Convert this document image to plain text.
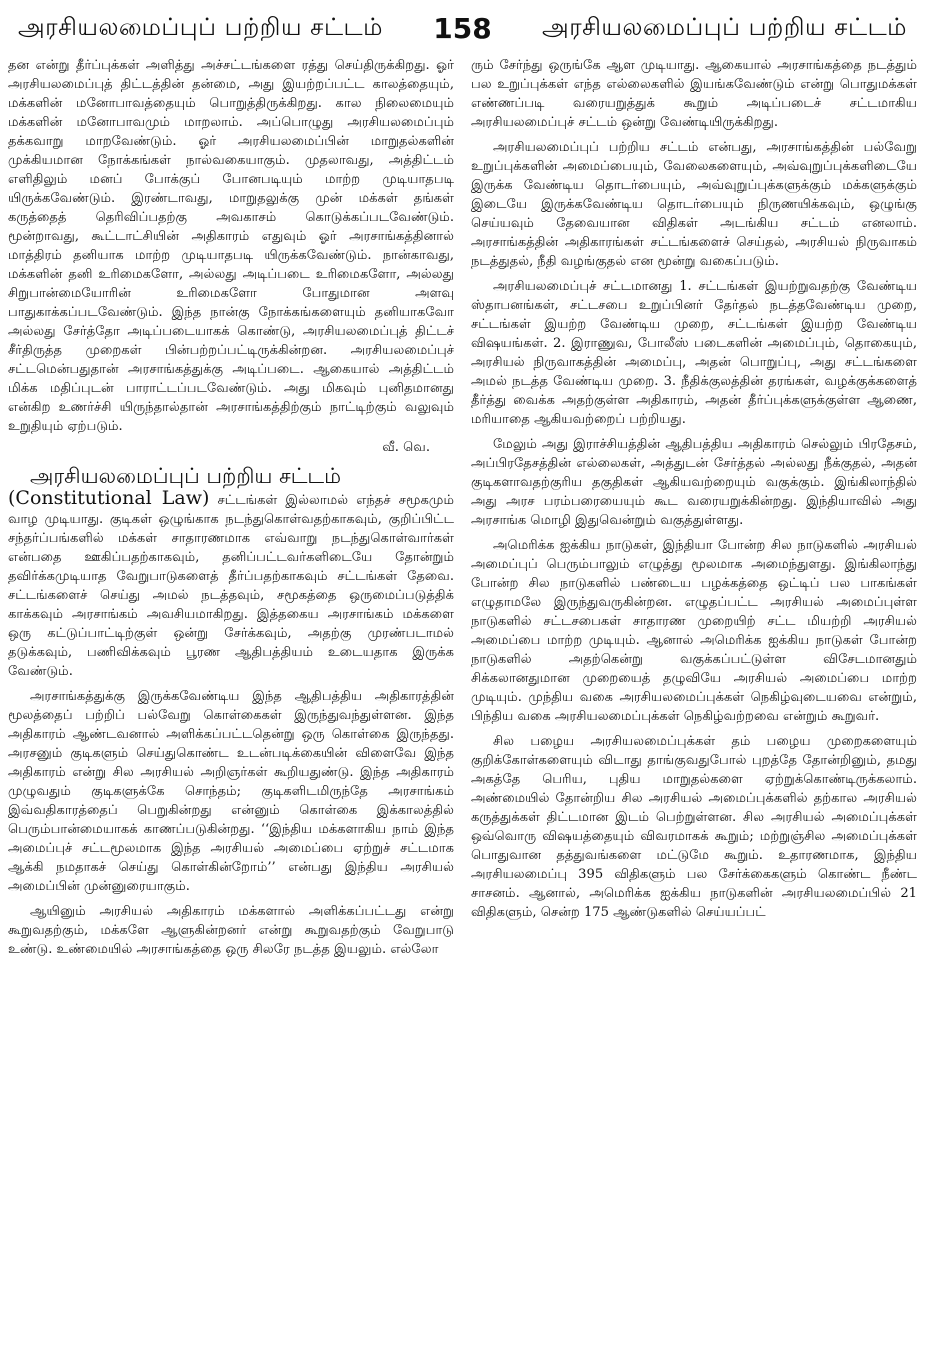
அரசியலமைப்புப் பற்றிய சட்டம் 158 அரசியலமைப்புப் பற்றிய சட்டம்

தன என்று தீர்ப்புக்கள் அளித்து அச்சட்டங்களை ரத்து செய்திருக்கிறது. ஓர் அரசியலமைப்புத் திட்டத்தின் தன்மை, அது இயற்றப்பட்ட காலத்தையும், மக்களின் மனோபாவத்தையும் பொறுத்திருக்கிறது. கால நிலைமையும் மக்களின் மனோபாவமும் மாறலாம். அப்பொழுது அரசியலமைப்பும் தக்கவாறு மாறவேண்டும். ஓர் அரசியலமைப்பின் மாறுதல்களின் முக்கியமான நோக்கங்கள் நால்வகையாகும். முதலாவது, அத்திட்டம் எளிதிலும் மனப் போக்குப் போனபடியும் மாற்ற முடியாதபடி யிருக்கவேண்டும். இரண்டாவது, மாறுதலுக்கு முன் மக்கள் தங்கள் கருத்தைத் தெரிவிப்பதற்கு அவகாசம் கொடுக்கப்படவேண்டும். மூன்றாவது, கூட்டாட்சியின் அதிகாரம் எதுவும் ஓர் அரசாங்கத்தினால் மாத்திரம் தனியாக மாற்ற முடியாதபடி யிருக்கவேண்டும். நான்காவது, மக்களின் தனி உரிமைகளோ, அல்லது அடிப்படை உரிமைகளோ, அல்லது சிறுபான்மையோரின் உரிமைகளோ போதுமான அளவு பாதுகாக்கப்படவேண்டும். இந்த நான்கு நோக்கங்களையும் தனியாகவோ அல்லது சேர்த்தோ அடிப்படையாகக் கொண்டு, அரசியலமைப்புத் திட்டச் சீர்திருத்த முறைகள் பின்பற்றப்பட்டிருக்கின்றன. அரசியலமைப்புச் சட்டமென்பதுதான் அரசாங்கத்துக்கு அடிப்படை. ஆகையால் அத்திட்டம் மிக்க மதிப்புடன் பாராட்டப்படவேண்டும். அது மிகவும் புனிதமானது என்கிற உணர்ச்சி யிருந்தால்தான் அரசாங்கத்திற்கும் நாட்டிற்கும் வலுவும் உறுதியும் ஏற்படும்.

வீ. வெ.
அரசியலமைப்புப் பற்றிய சட்டம்

(Constitutional Law) சட்டங்கள் இல்லாமல் எந்தச் சமூகமும் வாழ முடியாது. குடிகள் ஒழுங்காக நடந்துகொள்வதற்காகவும், குறிப்பிட்ட சந்தர்ப்பங்களில் மக்கள் சாதாரணமாக எவ்வாறு நடந்துகொள்வார்கள் என்பதை ஊகிப்பதற்காகவும், தனிப்பட்டவர்களிடையே தோன்றும் தவிர்க்கமுடியாத வேறுபாடுகளைத் தீர்ப்பதற்காகவும் சட்டங்கள் தேவை. சட்டங்களைச் செய்து அமல் நடத்தவும், சமூகத்தை ஒருமைப்படுத்திக் காக்கவும் அரசாங்கம் அவசியமாகிறது. இத்தகைய அரசாங்கம் மக்களை ஒரு கட்டுப்பாட்டிற்குள் ஒன்று சேர்க்கவும், அதற்கு முரண்படாமல் தடுக்கவும், பணிவிக்கவும் பூரண ஆதிபத்தியம் உடையதாக இருக்க வேண்டும்.

அரசாங்கத்துக்கு இருக்கவேண்டிய இந்த ஆதிபத்திய அதிகாரத்தின் மூலத்தைப் பற்றிப் பல்வேறு கொள்கைகள் இருந்துவந்துள்ளன. இந்த அதிகாரம் ஆண்டவனால் அளிக்கப்பட்டதென்று ஒரு கொள்கை இருந்தது. அரசனும் குடிகளும் செய்துகொண்ட உடன்படிக்கையின் விளைவே இந்த அதிகாரம் என்று சில அரசியல் அறிஞர்கள் கூறியதுண்டு. இந்த அதிகாரம் முழுவதும் குடிகளுக்கே சொந்தம்; குடிகளிடமிருந்தே அரசாங்கம் இவ்வதிகாரத்தைப் பெறுகின்றது என்னும் கொள்கை இக்காலத்தில் பெரும்பான்மையாகக் காணப்படுகின்றது. ‘‘இந்திய மக்களாகிய நாம் இந்த அமைப்புச் சட்டமூலமாக இந்த அரசியல் அமைப்பை ஏற்றுச் சட்டமாக ஆக்கி நமதாகச் செய்து கொள்கின்றோம்’’ என்பது இந்திய அரசியல் அமைப்பின் முன்னுரையாகும்.

ஆயினும் அரசியல் அதிகாரம் மக்களால் அளிக்கப்பட்டது என்று கூறுவதற்கும், மக்களே ஆளுகின்றனர் என்று கூறுவதற்கும் வேறுபாடு உண்டு. உண்மையில் அரசாங்கத்தை ஒரு சிலரே நடத்த இயலும். எல்லோ

ரும் சேர்ந்து ஒருங்கே ஆள முடியாது. ஆகையால் அரசாங்கத்தை நடத்தும் பல உறுப்புக்கள் எந்த எல்லைகளில் இயங்கவேண்டும் என்று பொதுமக்கள் எண்ணப்படி வரையறுத்துக் கூறும் அடிப்படைச் சட்டமாகிய அரசியலமைப்புச் சட்டம் ஒன்று வேண்டியிருக்கிறது.

அரசியலமைப்புப் பற்றிய சட்டம் என்பது, அரசாங்கத்தின் பல்வேறு உறுப்புக்களின் அமைப்பையும், வேலைகளையும், அவ்வுறுப்புக்களிடையே இருக்க வேண்டிய தொடர்பையும், அவ்வுறுப்புக்களுக்கும் மக்களுக்கும் இடையே இருக்கவேண்டிய தொடர்பையும் நிருணயிக்கவும், ஒழுங்கு செய்யவும் தேவையான விதிகள் அடங்கிய சட்டம் எனலாம். அரசாங்கத்தின் அதிகாரங்கள் சட்டங்களைச் செய்தல், அரசியல் நிருவாகம் நடத்துதல், நீதி வழங்குதல் என மூன்று வகைப்படும்.

அரசியலமைப்புச் சட்டமானது 1. சட்டங்கள் இயற்றுவதற்கு வேண்டிய ஸ்தாபனங்கள், சட்டசபை உறுப்பினர் தேர்தல் நடத்தவேண்டிய முறை, சட்டங்கள் இயற்ற வேண்டிய முறை, சட்டங்கள் இயற்ற வேண்டிய விஷயங்கள். 2. இராணுவ, போலீஸ் படைகளின் அமைப்பும், தொகையும், அரசியல் நிருவாகத்தின் அமைப்பு, அதன் பொறுப்பு, அது சட்டங்களை அமல் நடத்த வேண்டிய முறை. 3. நீதிக்குலத்தின் தரங்கள், வழக்குக்களைத் தீர்த்து வைக்க அதற்குள்ள அதிகாரம், அதன் தீர்ப்புக்களுக்குள்ள ஆணை, மரியாதை ஆகியவற்றைப் பற்றியது.

மேலும் அது இராச்சியத்தின் ஆதிபத்திய அதிகாரம் செல்லும் பிரதேசம், அப்பிரதேசத்தின் எல்லைகள், அத்துடன் சேர்த்தல் அல்லது நீக்குதல், அதன் குடிகளாவதற்குரிய தகுதிகள் ஆகியவற்றையும் வகுக்கும். இங்கிலாந்தில் அது அரச பரம்பரையையும் கூட வரையறுக்கின்றது. இந்தியாவில் அது அரசாங்க மொழி இதுவென்றும் வகுத்துள்ளது.

அமெரிக்க ஐக்கிய நாடுகள், இந்தியா போன்ற சில நாடுகளில் அரசியல் அமைப்புப் பெரும்பாலும் எழுத்து மூலமாக அமைந்துளது. இங்கிலாந்து போன்ற சில நாடுகளில் பண்டைய பழக்கத்தை ஒட்டிப் பல பாகங்கள் எழுதாமலே இருந்துவருகின்றன. எழுதப்பட்ட அரசியல் அமைப்புள்ள நாடுகளில் சட்டசபைகள் சாதாரண முறையிற் சட்ட மியற்றி அரசியல் அமைப்பை மாற்ற முடியும். ஆனால் அமெரிக்க ஐக்கிய நாடுகள் போன்ற நாடுகளில் அதற்கென்று வகுக்கப்பட்டுள்ள விசேடமானதும் சிக்கலானதுமான முறையைத் தழுவியே அரசியல் அமைப்பை மாற்ற முடியும். முந்திய வகை அரசியலமைப்புக்கள் நெகிழ்வுடையவை என்றும், பிந்திய வகை அரசியலமைப்புக்கள் நெகிழ்வற்றவை என்றும் கூறுவர்.

சில பழைய அரசியலமைப்புக்கள் தம் பழைய முறைகளையும் குறிக்கோள்களையும் விடாது தாங்குவதுபோல் புறத்தே தோன்றினும், தமது அகத்தே பெரிய, புதிய மாறுதல்களை ஏற்றுக்கொண்டிருக்கலாம். அண்மையில் தோன்றிய சில அரசியல் அமைப்புக்களில் தற்கால அரசியல் கருத்துக்கள் திட்டமான இடம் பெற்றுள்ளன. சில அரசியல் அமைப்புக்கள் ஒவ்வொரு விஷயத்தையும் விவரமாகக் கூறும்; மற்றுஞ்சில அமைப்புக்கள் பொதுவான தத்துவங்களை மட்டுமே கூறும். உதாரணமாக, இந்திய அரசியலமைப்பு 395 விதிகளும் பல சேர்க்கைகளும் கொண்ட நீண்ட சாசனம். ஆனால், அமெரிக்க ஐக்கிய நாடுகளின் அரசியலமைப்பில் 21 விதிகளும், சென்ற 175 ஆண்டுகளில் செய்யப்பட்
